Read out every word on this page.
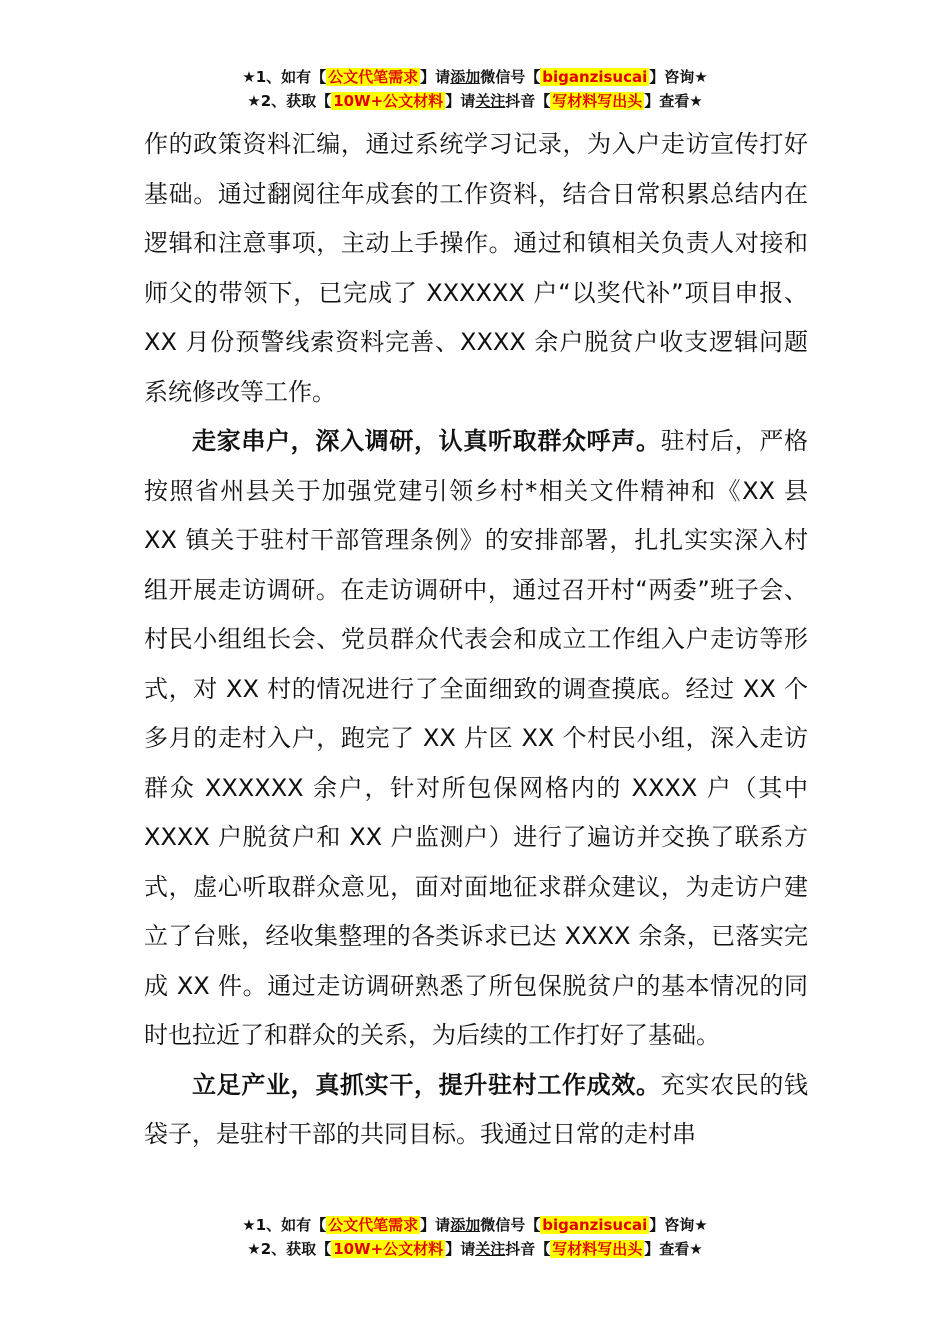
★1、如有【 公文代笔需求 】请添加微信号【 biganzisucai 】咨询★
★2、获取【 10W+公文材料 】请关注抖音【 写材料写出头 】查看★

作的政策资料汇编，通过系统学习记录，为入户走访宣传打好基础。通过翻阅往年成套的工作资料，结合日常积累总结内在逻辑和注意事项，主动上手操作。通过和镇相关负责人对接和师父的带领下，已完成了 XXXXXX 户“以奖代补”项目申报、XX 月份预警线索资料完善、XXXX 余户脱贫户收支逻辑问题系统修改等工作。

走家串户，深入调研，认真听取群众呼声。驻村后，严格按照省州县关于加强党建引领乡村*相关文件精神和《XX 县 XX 镇关于驻村干部管理条例》的安排部署，扎扎实实深入村组开展走访调研。在走访调研中，通过召开村“两委”班子会、村民小组组长会、党员群众代表会和成立工作组入户走访等形式，对 XX 村的情况进行了全面细致的调查摸底。经过 XX 个多月的走村入户，跑完了 XX 片区 XX 个村民小组，深入走访群众 XXXXXX 余户，针对所包保网格内的 XXXX 户（其中 XXXX 户脱贫户和 XX 户监测户）进行了遍访并交换了联系方式，虚心听取群众意见，面对面地征求群众建议，为走访户建立了台账，经收集整理的各类诉求已达 XXXX 余条，已落实完成 XX 件。通过走访调研熟悉了所包保脱贫户的基本情况的同时也拉近了和群众的关系，为后续的工作打好了基础。

立足产业，真抓实干，提升驻村工作成效。充实农民的钱袋子，是驻村干部的共同目标。我通过日常的走村串

★1、如有【 公文代笔需求 】请添加微信号【 biganzisucai 】咨询★
★2、获取【 10W+公文材料 】请关注抖音【 写材料写出头 】查看★
